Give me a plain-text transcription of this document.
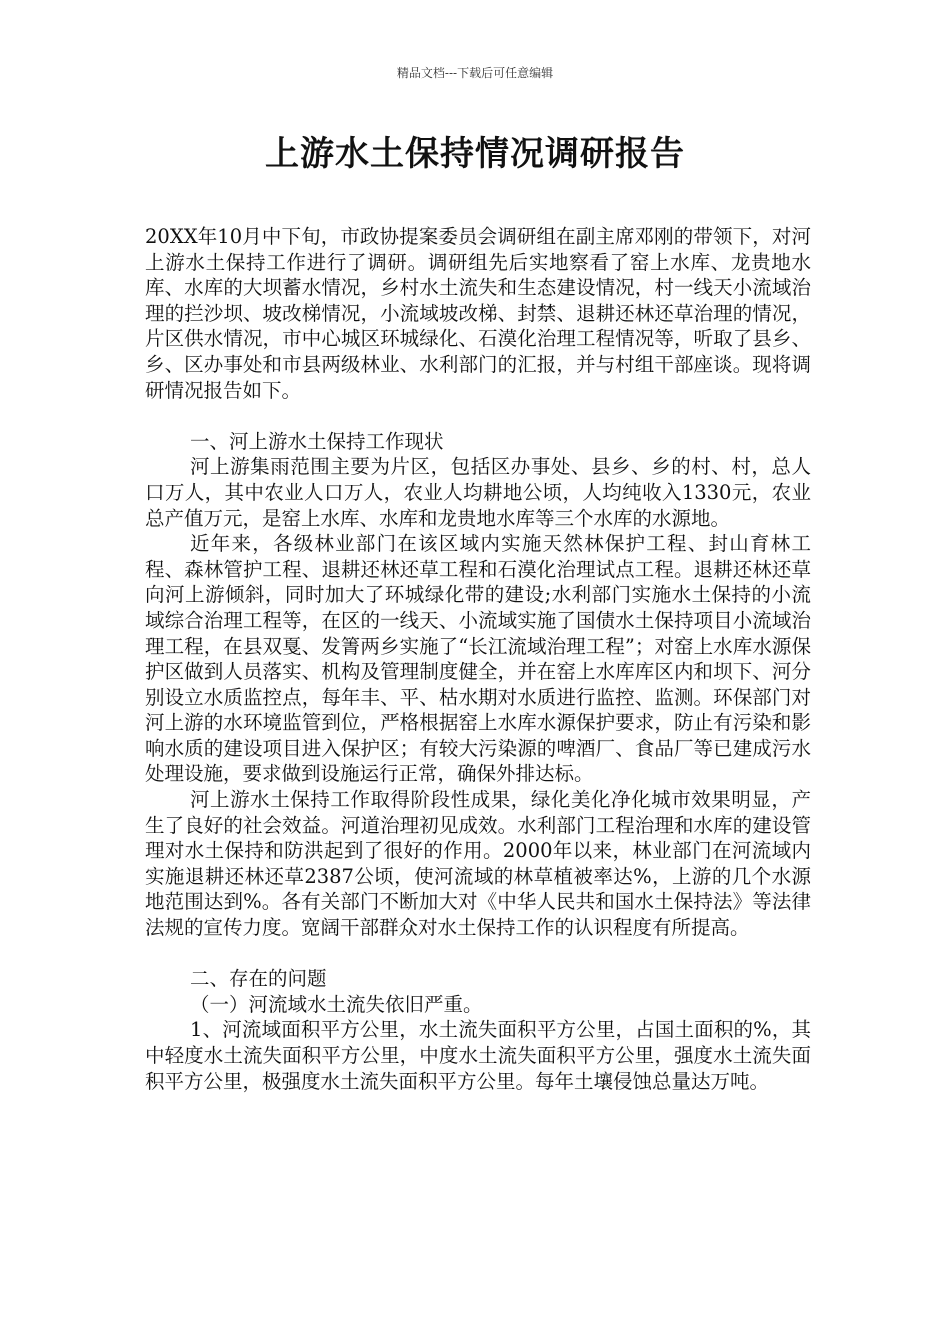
精品文档---下载后可任意编辑
上游水土保持情况调研报告

20XX年10月中下旬，市政协提案委员会调研组在副主席邓刚的带领下，对河上游水土保持工作进行了调研。调研组先后实地察看了窑上水库、龙贵地水库、水库的大坝蓄水情况，乡村水土流失和生态建设情况，村一线天小流域治理的拦沙坝、坡改梯情况，小流域坡改梯、封禁、退耕还林还草治理的情况，片区供水情况，市中心城区环城绿化、石漠化治理工程情况等，听取了县乡、乡、区办事处和市县两级林业、水利部门的汇报，并与村组干部座谈。现将调研情况报告如下。

一、河上游水土保持工作现状

河上游集雨范围主要为片区，包括区办事处、县乡、乡的村、村，总人口万人，其中农业人口万人，农业人均耕地公顷，人均纯收入1330元，农业总产值万元，是窑上水库、水库和龙贵地水库等三个水库的水源地。

近年来，各级林业部门在该区域内实施天然林保护工程、封山育林工程、森林管护工程、退耕还林还草工程和石漠化治理试点工程。退耕还林还草向河上游倾斜，同时加大了环城绿化带的建设;水利部门实施水土保持的小流域综合治理工程等，在区的一线天、小流域实施了国债水土保持项目小流域治理工程，在县双戛、发箐两乡实施了“长江流域治理工程”；对窑上水库水源保护区做到人员落实、机构及管理制度健全，并在窑上水库库区内和坝下、河分别设立水质监控点，每年丰、平、枯水期对水质进行监控、监测。环保部门对河上游的水环境监管到位，严格根据窑上水库水源保护要求，防止有污染和影响水质的建设项目进入保护区；有较大污染源的啤酒厂、食品厂等已建成污水处理设施，要求做到设施运行正常，确保外排达标。

河上游水土保持工作取得阶段性成果，绿化美化净化城市效果明显，产生了良好的社会效益。河道治理初见成效。水利部门工程治理和水库的建设管理对水土保持和防洪起到了很好的作用。2000年以来，林业部门在河流域内实施退耕还林还草2387公顷，使河流域的林草植被率达%，上游的几个水源地范围达到%。各有关部门不断加大对《中华人民共和国水土保持法》等法律法规的宣传力度。宽阔干部群众对水土保持工作的认识程度有所提高。

二、存在的问题

（一）河流域水土流失依旧严重。

1、河流域面积平方公里，水土流失面积平方公里，占国土面积的%，其中轻度水土流失面积平方公里，中度水土流失面积平方公里，强度水土流失面积平方公里，极强度水土流失面积平方公里。每年土壤侵蚀总量达万吨。
